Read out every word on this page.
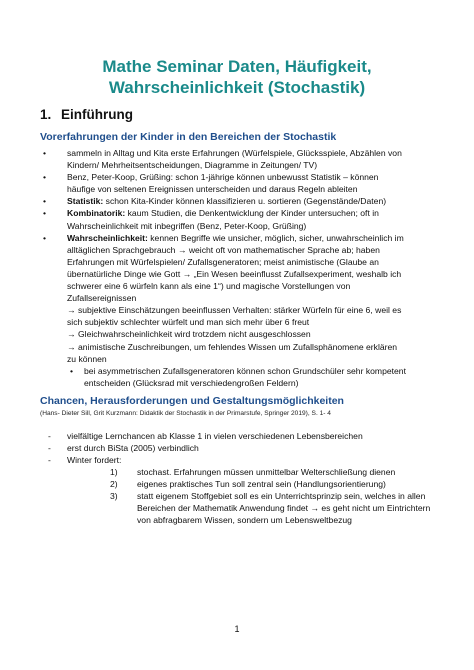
Mathe Seminar Daten, Häufigkeit,
Wahrscheinlichkeit (Stochastik)
1. Einführung
Vorerfahrungen der Kinder in den Bereichen der Stochastik
•	sammeln in Alltag und Kita erste Erfahrungen (Würfelspiele, Glücksspiele, Abzählen von Kindern/ Mehrheitsentscheidungen, Diagramme in Zeitungen/ TV)
•	Benz, Peter-Koop, Grüßing: schon 1-jährige können unbewusst Statistik – können häufige von seltenen Ereignissen unterscheiden und daraus Regeln ableiten
•	Statistik: schon Kita-Kinder können klassifizieren u. sortieren (Gegenstände/Daten)
•	Kombinatorik: kaum Studien, die Denkentwicklung der Kinder untersuchen; oft in Wahrscheinlichkeit mit inbegriffen (Benz, Peter-Koop, Grüßing)
•	Wahrscheinlichkeit: kennen Begriffe wie unsicher, möglich, sicher, unwahrscheinlich im alltäglichen Sprachgebrauch → weicht oft von mathematischer Sprache ab; haben Erfahrungen mit Würfelspielen/ Zufallsgeneratoren; meist animistische (Glaube an übernatürliche Dinge wie Gott → „Ein Wesen beeinflusst Zufallsexperiment, weshalb ich schwerer eine 6 würfeln kann als eine 1“) und magische Vorstellungen von Zufallsereignissen
→ subjektive Einschätzungen beeinflussen Verhalten: stärker Würfeln für eine 6, weil es sich subjektiv schlechter würfelt und man sich mehr über 6 freut
→ Gleichwahrscheinlichkeit wird trotzdem nicht ausgeschlossen
→ animistische Zuschreibungen, um fehlendes Wissen um Zufallsphänomene erklären zu können
•	bei asymmetrischen Zufallsgeneratoren können schon Grundschüler sehr kompetent entscheiden (Glücksrad mit verschiedengroßen Feldern)
Chancen, Herausforderungen und Gestaltungsmöglichkeiten
(Hans- Dieter Sill, Grit Kurzmann: Didaktik der Stochastik in der Primarstufe, Springer 2019), S. 1- 4
-	vielfältige Lernchancen ab Klasse 1 in vielen verschiedenen Lebensbereichen
-	erst durch BiSta (2005) verbindlich
-	Winter fordert:
1) stochast. Erfahrungen müssen unmittelbar Welterschließung dienen
2) eigenes praktisches Tun soll zentral sein (Handlungsorientierung)
3) statt eigenem Stoffgebiet soll es ein Unterrichtsprinzip sein, welches in allen Bereichen der Mathematik Anwendung findet → es geht nicht um Eintrichtern von abfragbarem Wissen, sondern um Lebensweltbezug
1
